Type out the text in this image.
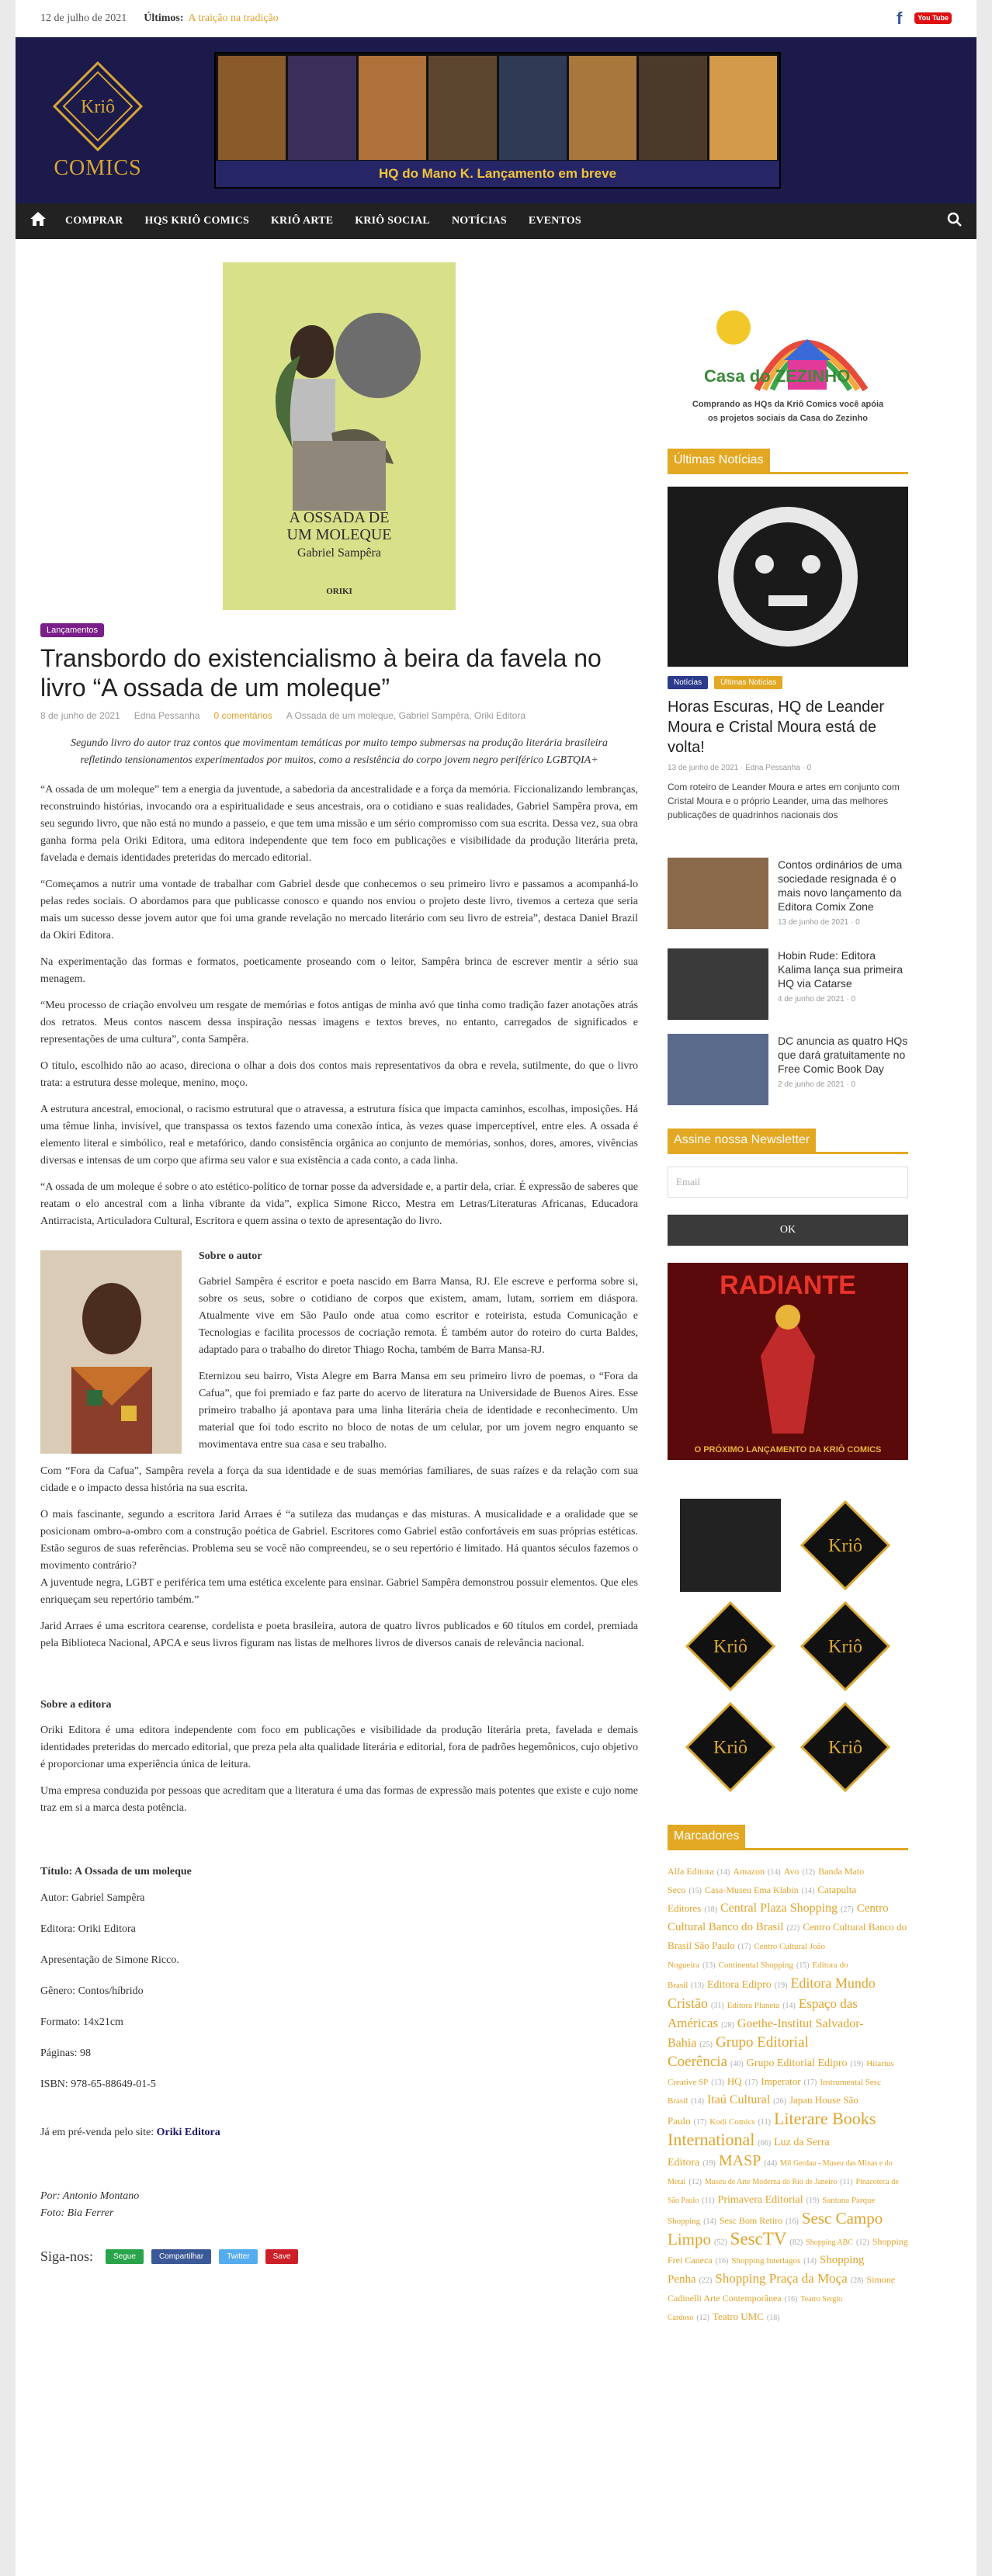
12 de julho de 2021 Últimos: A traição na tradição	f	You Tube
Kriô
COMICS	HQ do Mano K. Lançamento em breve
COMPRAR HQS KRIÔ COMICS KRIÔ ARTE KRIÔ SOCIAL NOTÍCIAS EVENTOS
A OSSADA DE
UM MOLEQUE
Gabriel Sampêra
ORIKI
Lançamentos
Transbordo do existencialismo à beira da favela no livro “A ossada de um moleque”
8 de junho de 2021 Edna Pessanha 0 comentários A Ossada de um moleque, Gabriel Sampêra, Oriki Editora
Segundo livro do autor traz contos que movimentam temáticas por muito tempo submersas na produção literária brasileira refletindo tensionamentos experimentados por muitos, como a resistência do corpo jovem negro periférico LGBTQIA+

“A ossada de um moleque” tem a energia da juventude, a sabedoria da ancestralidade e a força da memória. Ficcionalizando lembranças, reconstruindo histórias, invocando ora a espiritualidade e seus ancestrais, ora o cotidiano e suas realidades, Gabriel Sampêra prova, em seu segundo livro, que não está no mundo a passeio, e que tem uma missão e um sério compromisso com sua escrita. Dessa vez, sua obra ganha forma pela Oriki Editora, uma editora independente que tem foco em publicações e visibilidade da produção literária preta, favelada e demais identidades preteridas do mercado editorial.

“Começamos a nutrir uma vontade de trabalhar com Gabriel desde que conhecemos o seu primeiro livro e passamos a acompanhá-lo pelas redes sociais. O abordamos para que publicasse conosco e quando nos enviou o projeto deste livro, tivemos a certeza que seria mais um sucesso desse jovem autor que foi uma grande revelação no mercado literário com seu livro de estreia”, destaca Daniel Brazil da Okiri Editora.

Na experimentação das formas e formatos, poeticamente proseando com o leitor, Sampêra brinca de escrever mentir a sério sua menagem.

“Meu processo de criação envolveu um resgate de memórias e fotos antigas de minha avó que tinha como tradição fazer anotações atrás dos retratos. Meus contos nascem dessa inspiração nessas imagens e textos breves, no entanto, carregados de significados e representações de uma cultura”, conta Sampêra.

O título, escolhido não ao acaso, direciona o olhar a dois dos contos mais representativos da obra e revela, sutilmente, do que o livro trata: a estrutura desse moleque, menino, moço.

A estrutura ancestral, emocional, o racismo estrutural que o atravessa, a estrutura física que impacta caminhos, escolhas, imposições. Há uma têmue linha, invisível, que transpassa os textos fazendo uma conexão íntica, às vezes quase imperceptível, entre eles. A ossada é elemento literal e simbólico, real e metafórico, dando consistência orgânica ao conjunto de memórias, sonhos, dores, amores, vivências diversas e intensas de um corpo que afirma seu valor e sua existência a cada conto, a cada linha.

“A ossada de um moleque é sobre o ato estético-político de tornar posse da adversidade e, a partir dela, criar. É expressão de saberes que reatam o elo ancestral com a linha vibrante da vida”, explica Simone Ricco, Mestra em Letras/Literaturas Africanas, Educadora Antirracista, Articuladora Cultural, Escritora e quem assina o texto de apresentação do livro.

Sobre o autor

Gabriel Sampêra é escritor e poeta nascido em Barra Mansa, RJ. Ele escreve e performa sobre si, sobre os seus, sobre o cotidiano de corpos que existem, amam, lutam, sorriem em diáspora. Atualmente vive em São Paulo onde atua como escritor e roteirista, estuda Comunicação e Tecnologias e facilita processos de cocriação remota. É também autor do roteiro do curta Baldes, adaptado para o trabalho do diretor Thiago Rocha, também de Barra Mansa-RJ.

Eternizou seu bairro, Vista Alegre em Barra Mansa em seu primeiro livro de poemas, o “Fora da Cafua”, que foi premiado e faz parte do acervo de literatura na Universidade de Buenos Aires. Esse primeiro trabalho já apontava para uma linha literária cheia de identidade e reconhecimento. Um material que foi todo escrito no bloco de notas de um celular, por um jovem negro enquanto se movimentava entre sua casa e seu trabalho.

Com “Fora da Cafua”, Sampêra revela a força da sua identidade e de suas memórias familiares, de suas raízes e da relação com sua cidade e o impacto dessa história na sua escrita.

O mais fascinante, segundo a escritora Jarid Arraes é “a sutileza das mudanças e das misturas. A musicalidade e a oralidade que se posicionam ombro-a-ombro com a construção poética de Gabriel. Escritores como Gabriel estão confortáveis em suas próprias estéticas. Estão seguros de suas referências. Problema seu se você não compreendeu, se o seu repertório é limitado. Há quantos séculos fazemos o movimento contrário?
A juventude negra, LGBT e periférica tem uma estética excelente para ensinar. Gabriel Sampêra demonstrou possuir elementos. Que eles enriqueçam seu repertório também.”

Jarid Arraes é uma escritora cearense, cordelista e poeta brasileira, autora de quatro livros publicados e 60 títulos em cordel, premiada pela Biblioteca Nacional, APCA e seus livros figuram nas listas de melhores livros de diversos canais de relevância nacional.

Sobre a editora

Oriki Editora é uma editora independente com foco em publicações e visibilidade da produção literária preta, favelada e demais identidades preteridas do mercado editorial, que preza pela alta qualidade literária e editorial, fora de padrões hegemônicos, cujo objetivo é proporcionar uma experiência única de leitura.

Uma empresa conduzida por pessoas que acreditam que a literatura é uma das formas de expressão mais potentes que existe e cujo nome traz em si a marca desta potência.

Título: A Ossada de um moleque

Autor: Gabriel Sampêra

Editora: Oriki Editora

Apresentação de Simone Ricco.

Gênero: Contos/híbrido

Formato: 14x21cm

Páginas: 98

ISBN: 978-65-88649-01-5

Já em pré-venda pelo site: Oriki Editora

Por: Antonio Montano
Foto: Bia Ferrer
Siga-nos:	Segue	Compartilhar	Twitter	Save
Casa do ZEZINHO
Comprando as HQs da Kriô Comics você apóia os projetos sociais da Casa do Zezinho
Últimas Notícias
Notícias Últimas Notícias
Horas Escuras, HQ de Leander Moura e Cristal Moura está de volta!
13 de junho de 2021 · Edna Pessanha · 0
Com roteiro de Leander Moura e artes em conjunto com Cristal Moura e o próprio Leander, uma das melhores publicações de quadrinhos nacionais dos
Contos ordinários de uma sociedade resignada é o mais novo lançamento da Editora Comix Zone
13 de junho de 2021 · 0
Hobin Rude: Editora Kalima lança sua primeira HQ via Catarse
4 de junho de 2021 · 0
DC anuncia as quatro HQs que dará gratuitamente no Free Comic Book Day
2 de junho de 2021 · 0
Assine nossa Newsletter
Email
OK
RADIANTE
O PRÓXIMO LANÇAMENTO DA KRIÔ COMICS
Kriô
Kriô	Kriô
Kriô	Kriô
Marcadores
Alfa Editora (14) Amazon (14) Avo (12) Banda Mato Seco (15) Casa-Museu Ema Klabin (14) Catapulta Editores (18) Central Plaza Shopping (27) Centro Cultural Banco do Brasil (22) Centro Cultural Banco do Brasil São Paulo (17) Centro Cultural João Nogueira (13) Continental Shopping (15) Editora do Brasil (13) Editora Edipro (19) Editora Mundo Cristão (31) Editora Planeta (14) Espaço das Américas (28) Goethe-Institut Salvador-Bahia (25) Grupo Editorial Coerência (40) Grupo Editorial Edipro (19) Hilarius Creative SP (13) HQ (17) Imperator (17) Instrumental Sesc Brasil (14) Itaú Cultural (26) Japan House São Paulo (17) Kodi Comics (11) Literare Books International (66) Luz da Serra Editora (19) MASP (44) Mil Gerdau - Museu das Minas e do Metal (12) Museu de Arte Moderna do Rio de Janeiro (11) Pinacoteca de São Paulo (11) Primavera Editorial (19) Santana Parque Shopping (14) Sesc Bom Retiro (16) Sesc Campo Limpo (52) SescTV (82) Shopping ABC (12) Shopping Frei Caneca (16) Shopping Interlagos (14) Shopping Penha (22) Shopping Praça da Moça (28) Simone Cadinelli Arte Contemporânea (16) Teatro Sergio Cardoso (12) Teatro UMC (18)
